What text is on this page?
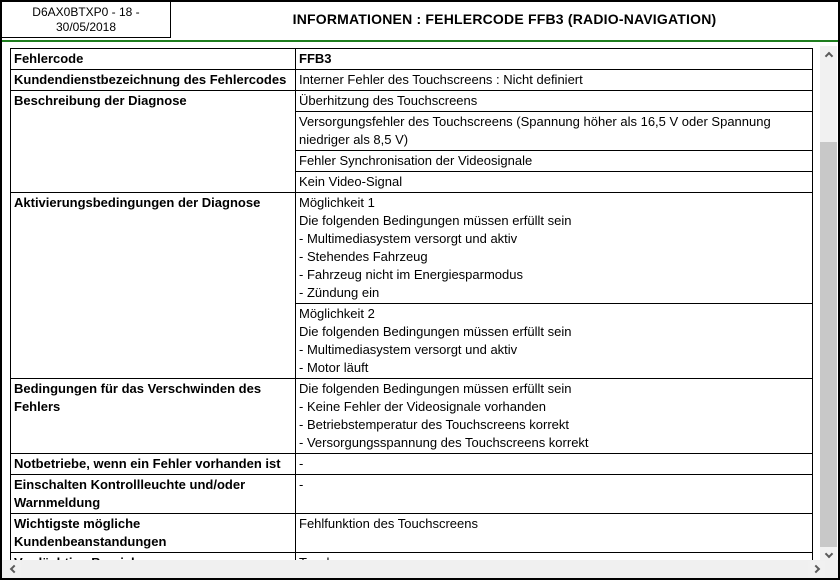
D6AX0BTXP0 - 18 -
30/05/2018	INFORMATIONEN : FEHLERCODE FFB3 (RADIO-NAVIGATION)
Fehlercode	FFB3

Kundendienstbezeichnung des Fehlercodes	Interner Fehler des Touchscreens : Nicht definiert

Beschreibung der Diagnose	Überhitzung des Touchscreens

	Versorgungsfehler des Touchscreens (Spannung höher als 16,5 V oder Spannung niedriger als 8,5 V)

	Fehler Synchronisation der Videosignale

	Kein Video-Signal

Aktivierungsbedingungen der Diagnose	Möglichkeit 1
Die folgenden Bedingungen müssen erfüllt sein
- Multimediasystem versorgt und aktiv
- Stehendes Fahrzeug
- Fahrzeug nicht im Energiesparmodus
- Zündung ein

	Möglichkeit 2
Die folgenden Bedingungen müssen erfüllt sein
- Multimediasystem versorgt und aktiv
- Motor läuft

Bedingungen für das Verschwinden des Fehlers	Die folgenden Bedingungen müssen erfüllt sein
- Keine Fehler der Videosignale vorhanden
- Betriebstemperatur des Touchscreens korrekt
- Versorgungsspannung des Touchscreens korrekt

Notbetriebe, wenn ein Fehler vorhanden ist	-

Einschalten Kontrollleuchte und/oder Warnmeldung	-

Wichtigste mögliche Kundenbeanstandungen	Fehlfunktion des Touchscreens
